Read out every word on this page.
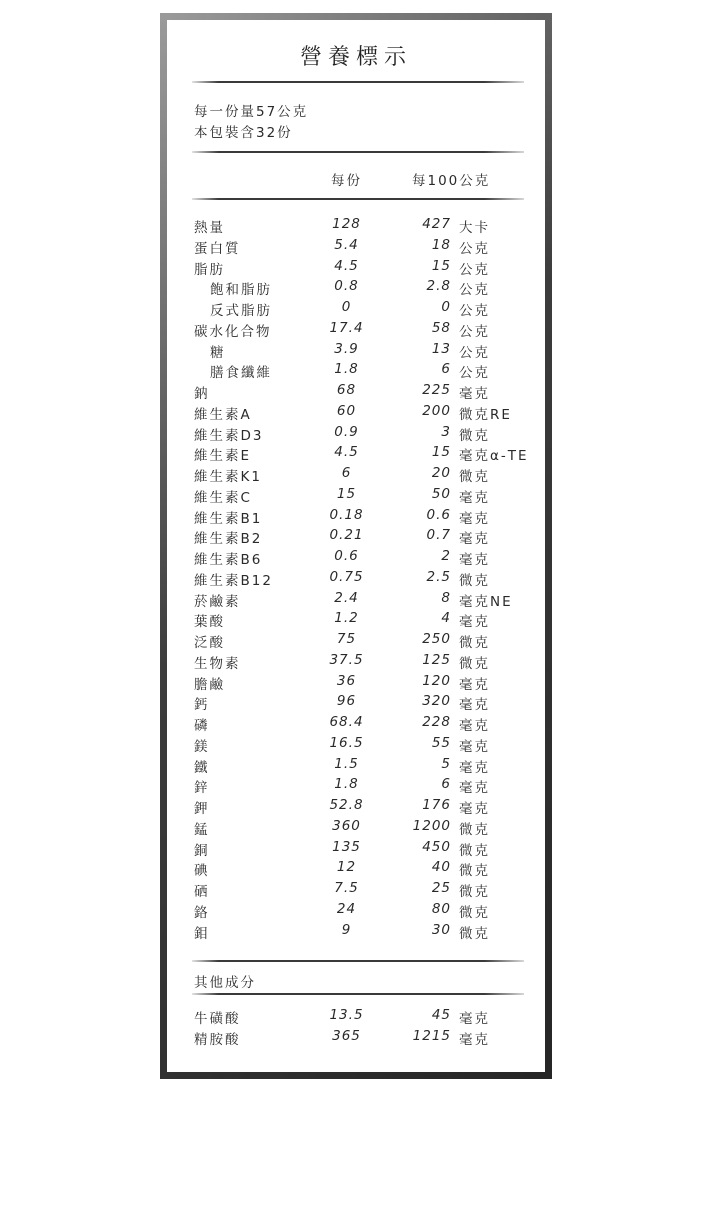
營養標示
每一份量57公克
本包裝含32份
每份	每100公克
熱量	128	427 大卡
蛋白質	5.4	18 公克
脂肪	4.5	15 公克
飽和脂肪	0.8	2.8 公克
反式脂肪	0	0 公克
碳水化合物	17.4	58 公克
糖	3.9	13 公克
膳食纖維	1.8	6 公克
鈉	68	225 毫克
維生素A	60	200 微克RE
維生素D3	0.9	3 微克
維生素E	4.5	15 毫克α-TE
維生素K1	6	20 微克
維生素C	15	50 毫克
維生素B1	0.18	0.6 毫克
維生素B2	0.21	0.7 毫克
維生素B6	0.6	2 毫克
維生素B12	0.75	2.5 微克
菸鹼素	2.4	8 毫克NE
葉酸	1.2	4 毫克
泛酸	75	250 微克
生物素	37.5	125 微克
膽鹼	36	120 毫克
鈣	96	320 毫克
磷	68.4	228 毫克
鎂	16.5	55 毫克
鐵	1.5	5 毫克
鋅	1.8	6 毫克
鉀	52.8	176 毫克
錳	360	1200 微克
銅	135	450 微克
碘	12	40 微克
硒	7.5	25 微克
鉻	24	80 微克
鉬	9	30 微克
其他成分
牛磺酸	13.5	45 毫克
精胺酸	365	1215 毫克
